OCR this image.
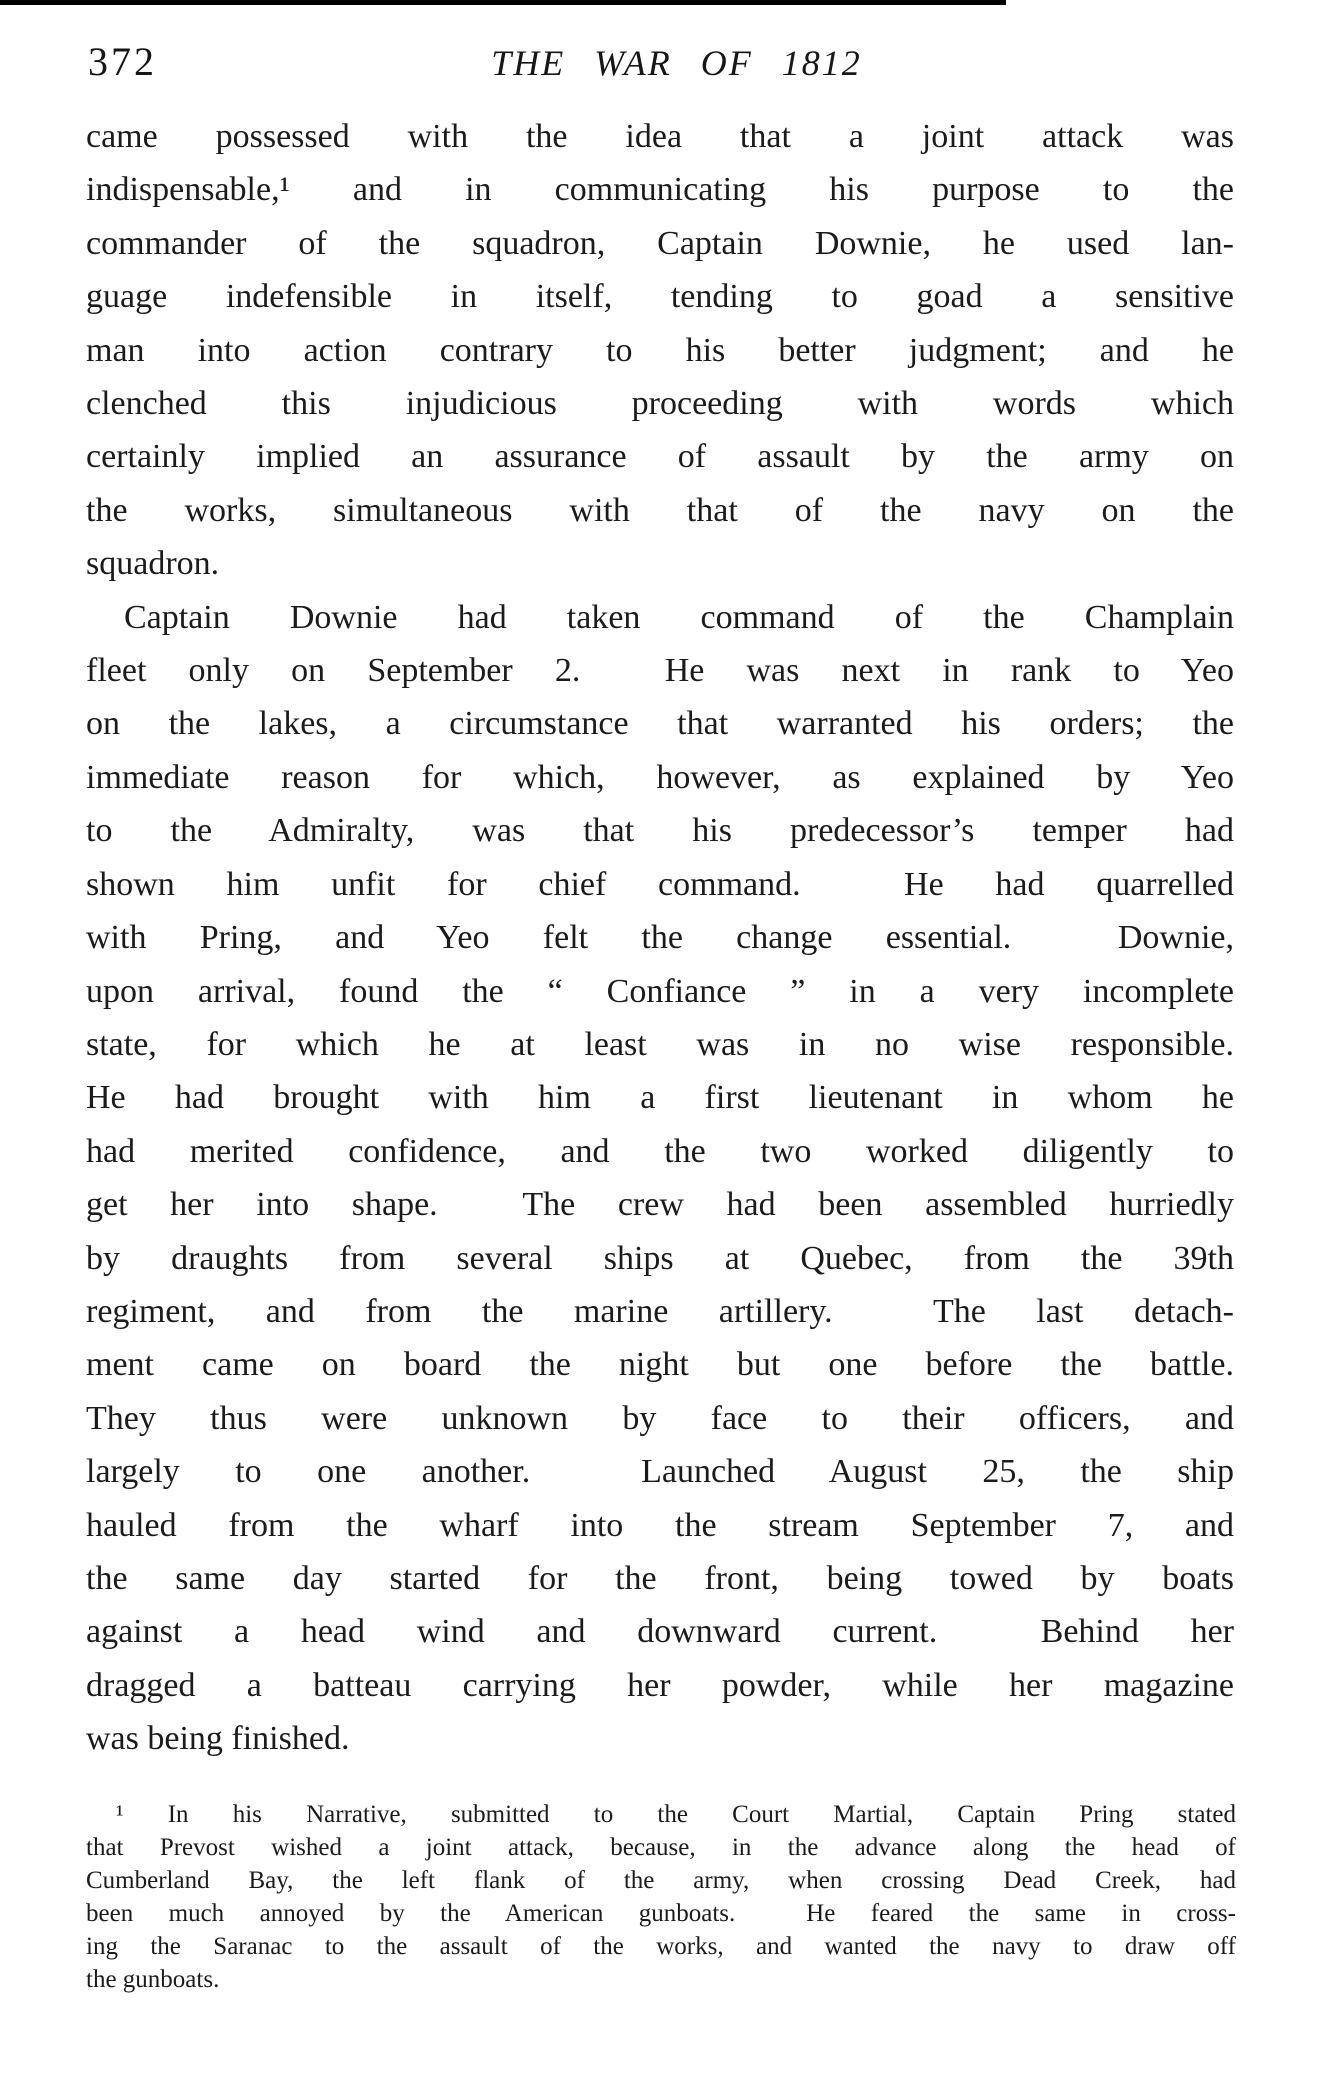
372	THE WAR OF 1812
came possessed with the idea that a joint attack was
indispensable,¹ and in communicating his purpose to the
commander of the squadron, Captain Downie, he used lan-
guage indefensible in itself, tending to goad a sensitive
man into action contrary to his better judgment; and he
clenched this injudicious proceeding with words which
certainly implied an assurance of assault by the army on
the works, simultaneous with that of the navy on the
squadron.
Captain Downie had taken command of the Champlain
fleet only on September 2.  He was next in rank to Yeo
on the lakes, a circumstance that warranted his orders; the
immediate reason for which, however, as explained by Yeo
to the Admiralty, was that his predecessor’s temper had
shown him unfit for chief command.  He had quarrelled
with Pring, and Yeo felt the change essential.  Downie,
upon arrival, found the “ Confiance ” in a very incomplete
state, for which he at least was in no wise responsible.
He had brought with him a first lieutenant in whom he
had merited confidence, and the two worked diligently to
get her into shape.  The crew had been assembled hurriedly
by draughts from several ships at Quebec, from the 39th
regiment, and from the marine artillery.  The last detach-
ment came on board the night but one before the battle.
They thus were unknown by face to their officers, and
largely to one another.  Launched August 25, the ship
hauled from the wharf into the stream September 7, and
the same day started for the front, being towed by boats
against a head wind and downward current.  Behind her
dragged a batteau carrying her powder, while her magazine
was being finished.
¹ In his Narrative, submitted to the Court Martial, Captain Pring stated
that Prevost wished a joint attack, because, in the advance along the head of
Cumberland Bay, the left flank of the army, when crossing Dead Creek, had
been much annoyed by the American gunboats.  He feared the same in cross-
ing the Saranac to the assault of the works, and wanted the navy to draw off
the gunboats.
